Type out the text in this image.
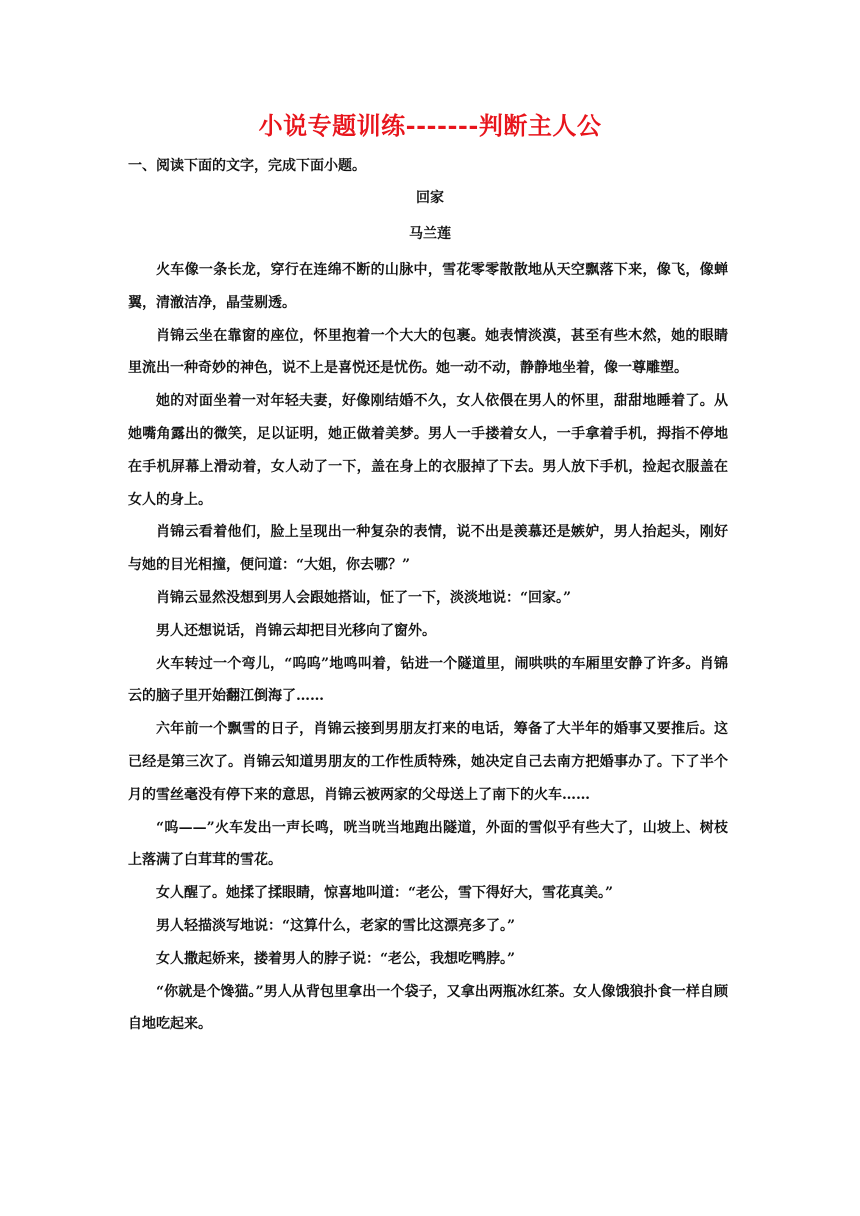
小说专题训练-------判断主人公
一、阅读下面的文字，完成下面小题。
回家
马兰莲

火车像一条长龙，穿行在连绵不断的山脉中，雪花零零散散地从天空飘落下来，像飞，像蝉翼，清澈洁净，晶莹剔透。

肖锦云坐在靠窗的座位，怀里抱着一个大大的包裹。她表情淡漠，甚至有些木然，她的眼睛里流出一种奇妙的神色，说不上是喜悦还是忧伤。她一动不动，静静地坐着，像一尊雕塑。

她的对面坐着一对年轻夫妻，好像刚结婚不久，女人依偎在男人的怀里，甜甜地睡着了。从她嘴角露出的微笑，足以证明，她正做着美梦。男人一手搂着女人，一手拿着手机，拇指不停地在手机屏幕上滑动着，女人动了一下，盖在身上的衣服掉了下去。男人放下手机，捡起衣服盖在女人的身上。

肖锦云看着他们，脸上呈现出一种复杂的表情，说不出是羡慕还是嫉妒，男人抬起头，刚好与她的目光相撞，便问道：“大姐，你去哪？”

肖锦云显然没想到男人会跟她搭讪，怔了一下，淡淡地说：“回家。”

男人还想说话，肖锦云却把目光移向了窗外。

火车转过一个弯儿，“呜呜”地鸣叫着，钻进一个隧道里，闹哄哄的车厢里安静了许多。肖锦云的脑子里开始翻江倒海了……

六年前一个飘雪的日子，肖锦云接到男朋友打来的电话，筹备了大半年的婚事又要推后。这已经是第三次了。肖锦云知道男朋友的工作性质特殊，她决定自己去南方把婚事办了。下了半个月的雪丝毫没有停下来的意思，肖锦云被两家的父母送上了南下的火车……

“呜——”火车发出一声长鸣，咣当咣当地跑出隧道，外面的雪似乎有些大了，山坡上、树枝上落满了白茸茸的雪花。

女人醒了。她揉了揉眼睛，惊喜地叫道：“老公，雪下得好大，雪花真美。”

男人轻描淡写地说：“这算什么，老家的雪比这漂亮多了。”

女人撒起娇来，搂着男人的脖子说：“老公，我想吃鸭脖。”

“你就是个馋猫。”男人从背包里拿出一个袋子，又拿出两瓶冰红茶。女人像饿狼扑食一样自顾自地吃起来。
